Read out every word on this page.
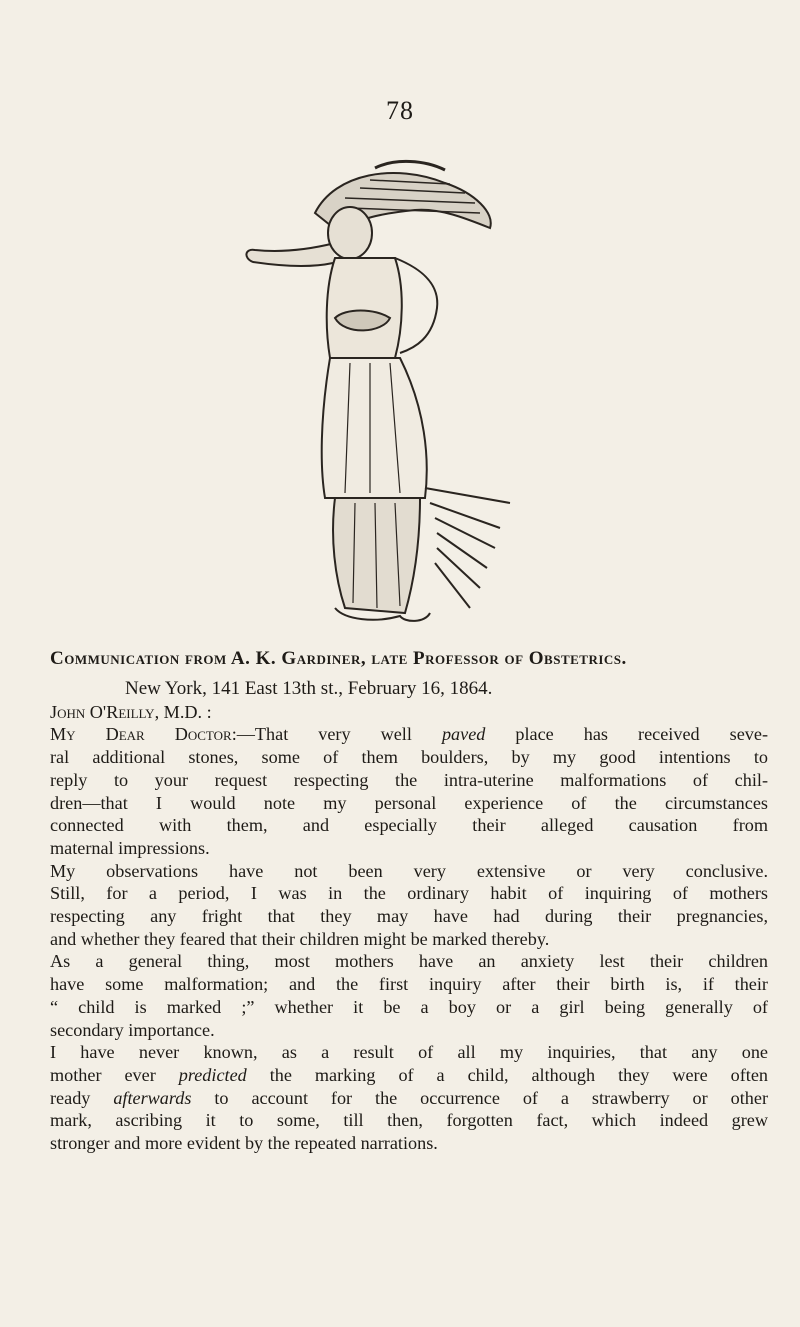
78
Communication from A. K. Gardiner, late Professor of Obstetrics.
New York, 141 East 13th st., February 16, 1864.
John O'Reilly, M.D. :
My Dear Doctor:—That very well paved place has received seve-
ral additional stones, some of them boulders, by my good intentions to
reply to your request respecting the intra-uterine malformations of chil-
dren—that I would note my personal experience of the circumstances
connected with them, and especially their alleged causation from
maternal impressions.
My observations have not been very extensive or very conclusive.
Still, for a period, I was in the ordinary habit of inquiring of mothers
respecting any fright that they may have had during their pregnancies,
and whether they feared that their children might be marked thereby.
As a general thing, most mothers have an anxiety lest their children
have some malformation; and the first inquiry after their birth is, if their
“ child is marked ;” whether it be a boy or a girl being generally of
secondary importance.
I have never known, as a result of all my inquiries, that any one
mother ever predicted the marking of a child, although they were often
ready afterwards to account for the occurrence of a strawberry or other
mark, ascribing it to some, till then, forgotten fact, which indeed grew
stronger and more evident by the repeated narrations.
